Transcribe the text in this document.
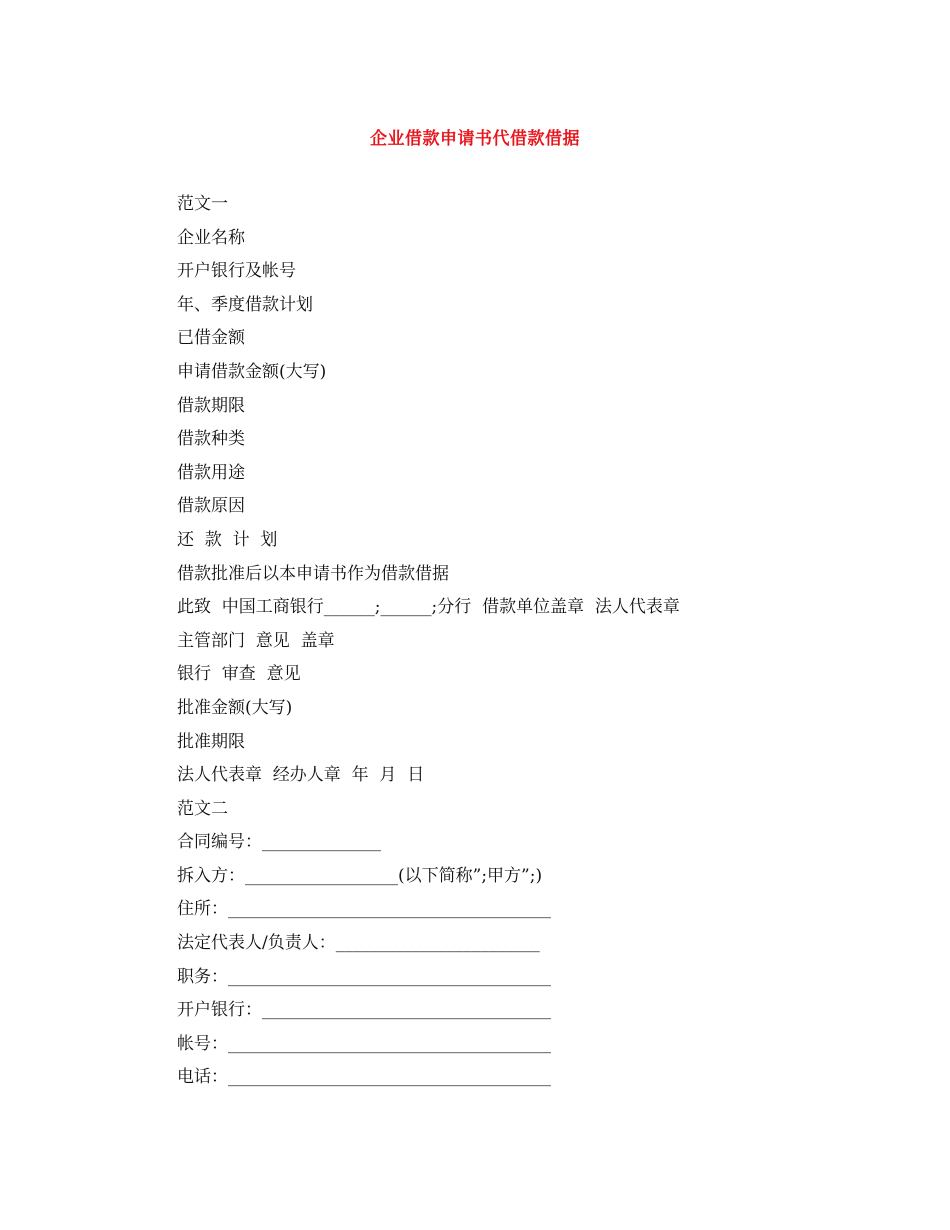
企业借款申请书代借款借据
范文一
企业名称
开户银行及帐号
年、季度借款计划
已借金额
申请借款金额(大写)
借款期限
借款种类
借款用途
借款原因
还  款  计  划
借款批准后以本申请书作为借款借据
此致  中国工商银行______;______;分行  借款单位盖章  法人代表章
主管部门  意见  盖章
银行  审查  意见
批准金额(大写)
批准期限
法人代表章  经办人章  年  月  日
范文二
合同编号：______________
拆入方：__________________(以下简称”;甲方”;)
住所：______________________________________
法定代表人/负责人：________________________
职务：______________________________________
开户银行：__________________________________
帐号：______________________________________
电话：______________________________________
